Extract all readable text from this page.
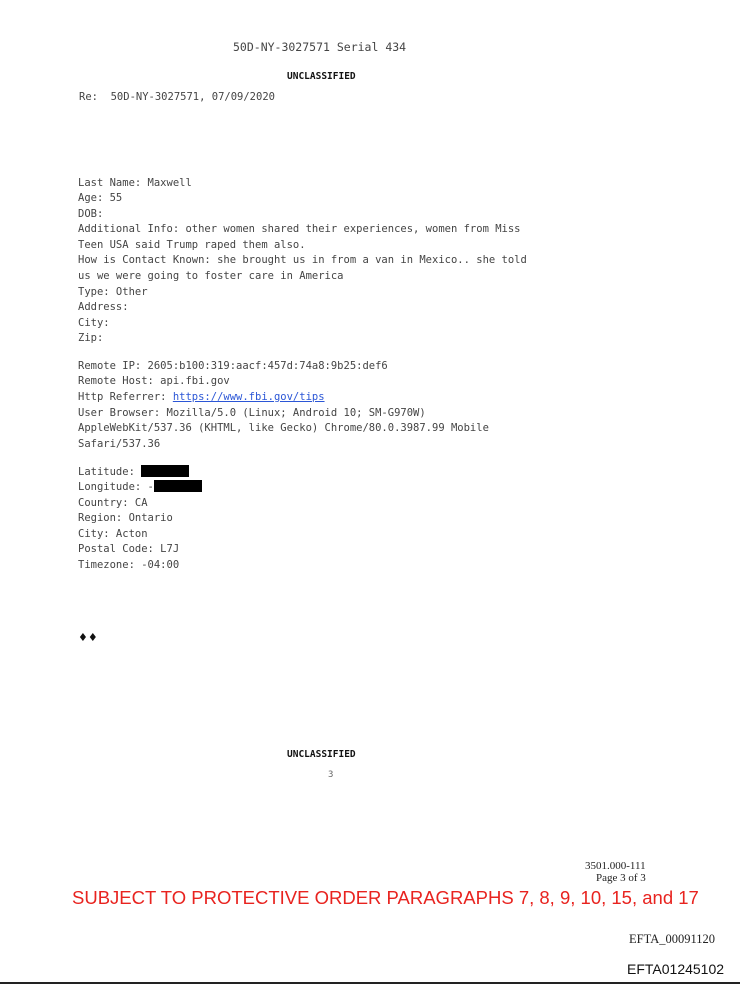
50D-NY-3027571 Serial 434
UNCLASSIFIED
Re:  50D-NY-3027571, 07/09/2020
Last Name: Maxwell
Age: 55
DOB:
Additional Info: other women shared their experiences, women from Miss
Teen USA said Trump raped them also.
How is Contact Known: she brought us in from a van in Mexico.. she told
us we were going to foster care in America
Type: Other
Address:
City:
Zip:
Remote IP: 2605:b100:319:aacf:457d:74a8:9b25:def6
Remote Host: api.fbi.gov
Http Referrer: https://www.fbi.gov/tips
User Browser: Mozilla/5.0 (Linux; Android 10; SM-G970W)
AppleWebKit/537.36 (KHTML, like Gecko) Chrome/80.0.3987.99 Mobile
Safari/537.36
Latitude:
Longitude: -
Country: CA
Region: Ontario
City: Acton
Postal Code: L7J
Timezone: -04:00
♦♦
UNCLASSIFIED
3
3501.000-111
Page 3 of 3
SUBJECT TO PROTECTIVE ORDER PARAGRAPHS 7, 8, 9, 10, 15, and 17
EFTA_00091120
EFTA01245102
